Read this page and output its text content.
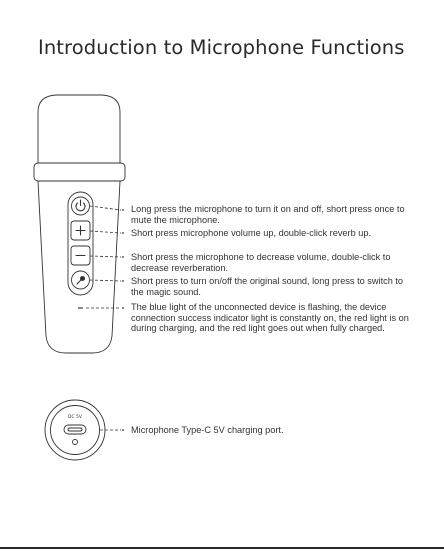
Introduction to Microphone Functions
DC 5V
Long press the microphone to turn it on and off, short press once to mute the microphone.
Short press microphone volume up, double-click reverb up.
Short press the microphone to decrease volume, double-click to decrease reverberation.
Short press to turn on/off the original sound, long press to switch to the magic sound.
The blue light of the unconnected device is flashing, the device connection success indicator light is constantly on, the red light is on during charging, and the red light goes out when fully charged.
Microphone Type-C 5V charging port.
